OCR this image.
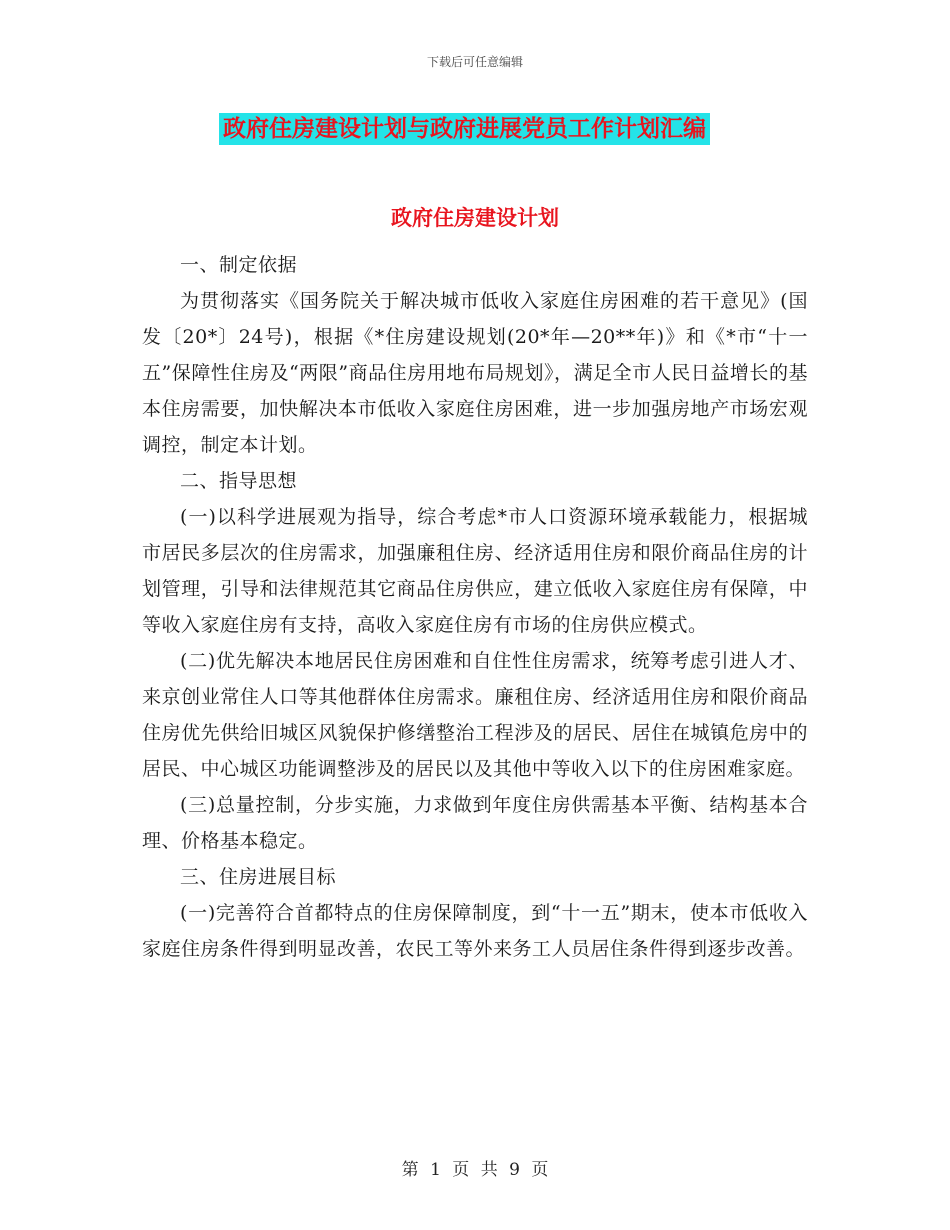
下载后可任意编辑
政府住房建设计划与政府进展党员工作计划汇编
政府住房建设计划

一、制定依据

为贯彻落实《国务院关于解决城市低收入家庭住房困难的若干意见》(国发〔20*〕24号)，根据《*住房建设规划(20*年—20**年)》和《*市“十一五”保障性住房及“两限”商品住房用地布局规划》，满足全市人民日益增长的基本住房需要，加快解决本市低收入家庭住房困难，进一步加强房地产市场宏观调控，制定本计划。

二、指导思想

(一)以科学进展观为指导，综合考虑*市人口资源环境承载能力，根据城市居民多层次的住房需求，加强廉租住房、经济适用住房和限价商品住房的计划管理，引导和法律规范其它商品住房供应，建立低收入家庭住房有保障，中等收入家庭住房有支持，高收入家庭住房有市场的住房供应模式。

(二)优先解决本地居民住房困难和自住性住房需求，统筹考虑引进人才、来京创业常住人口等其他群体住房需求。廉租住房、经济适用住房和限价商品住房优先供给旧城区风貌保护修缮整治工程涉及的居民、居住在城镇危房中的居民、中心城区功能调整涉及的居民以及其他中等收入以下的住房困难家庭。

(三)总量控制，分步实施，力求做到年度住房供需基本平衡、结构基本合理、价格基本稳定。

三、住房进展目标

(一)完善符合首都特点的住房保障制度，到“十一五”期末，使本市低收入家庭住房条件得到明显改善，农民工等外来务工人员居住条件得到逐步改善。

第 1 页 共 9 页
